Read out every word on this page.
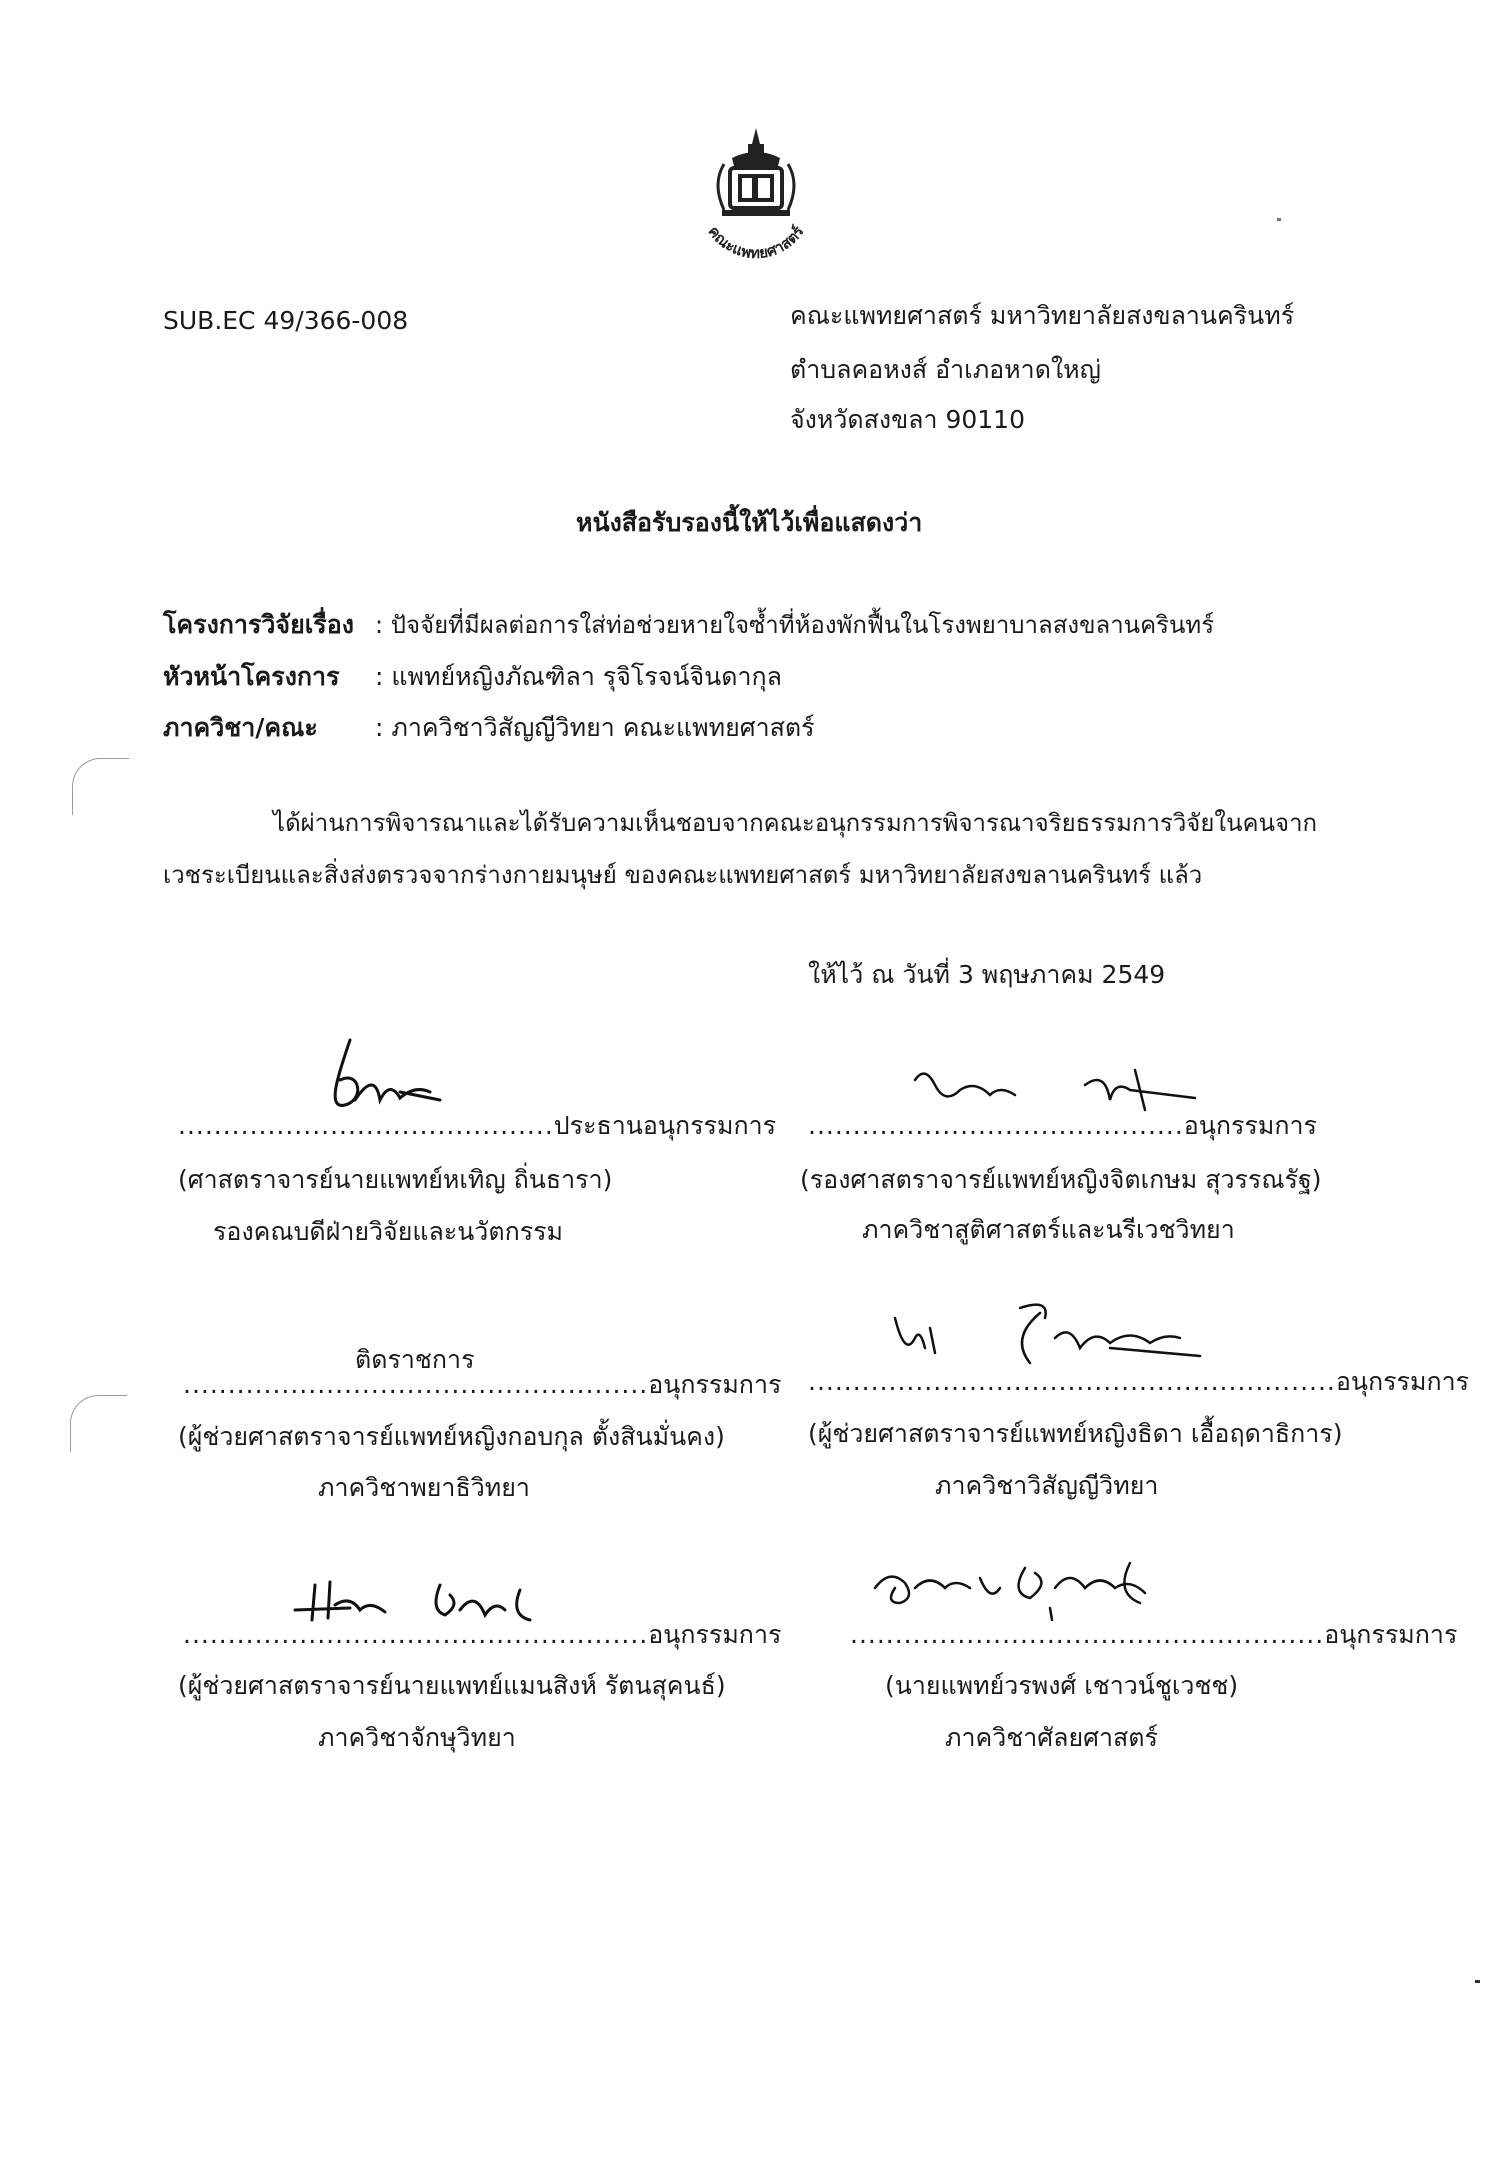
คณะแพทยศาสตร์
SUB.EC 49/366-008	คณะแพทยศาสตร์ มหาวิทยาลัยสงขลานครินทร์
ตำบลคอหงส์ อำเภอหาดใหญ่
จังหวัดสงขลา 90110
หนังสือรับรองนี้ให้ไว้เพื่อแสดงว่า
โครงการวิจัยเรื่อง : ปัจจัยที่มีผลต่อการใส่ท่อช่วยหายใจซ้ำที่ห้องพักฟื้นในโรงพยาบาลสงขลานครินทร์
หัวหน้าโครงการ : แพทย์หญิงภัณฑิลา รุจิโรจน์จินดากุล
ภาควิชา/คณะ : ภาควิชาวิสัญญีวิทยา คณะแพทยศาสตร์
ได้ผ่านการพิจารณาและได้รับความเห็นชอบจากคณะอนุกรรมการพิจารณาจริยธรรมการวิจัยในคนจาก
เวชระเบียนและสิ่งส่งตรวจจากร่างกายมนุษย์ ของคณะแพทยศาสตร์ มหาวิทยาลัยสงขลานครินทร์ แล้ว
ให้ไว้ ณ วันที่ 3 พฤษภาคม 2549
..........................................ประธานอนุกรรมการ
(ศาสตราจารย์นายแพทย์หเทิญ ถิ่นธารา)
รองคณบดีฝ่ายวิจัยและนวัตกรรม
..........................................อนุกรรมการ
(รองศาสตราจารย์แพทย์หญิงจิตเกษม สุวรรณรัฐ)
ภาควิชาสูติศาสตร์และนรีเวชวิทยา
ติดราชการ
....................................................อนุกรรมการ
(ผู้ช่วยศาสตราจารย์แพทย์หญิงกอบกุล ตั้งสินมั่นคง)
ภาควิชาพยาธิวิทยา
...........................................................อนุกรรมการ
(ผู้ช่วยศาสตราจารย์แพทย์หญิงธิดา เอื้อฤดาธิการ)
ภาควิชาวิสัญญีวิทยา
....................................................อนุกรรมการ
(ผู้ช่วยศาสตราจารย์นายแพทย์แมนสิงห์ รัตนสุคนธ์)
ภาควิชาจักษุวิทยา
.....................................................อนุกรรมการ
(นายแพทย์วรพงศ์ เชาวน์ชูเวชช)
ภาควิชาศัลยศาสตร์
